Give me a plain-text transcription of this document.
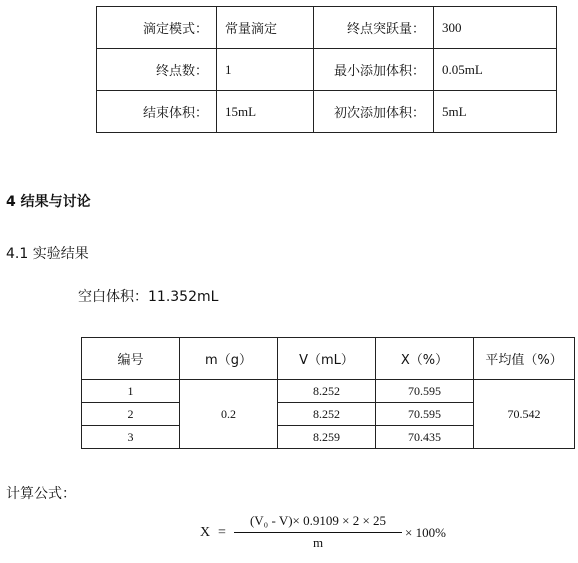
滴定模式：	常量滴定	终点突跃量：	300
终点数：	1	最小添加体积：	0.05mL
结束体积：	15mL	初次添加体积：	5mL
4 结果与讨论
4.1 实验结果
空白体积：11.352mL
编号	m（g）	V（mL）	X（%）	平均值（%）
1	0.2	8.252	70.595	70.542
2		8.252	70.595	
3		8.259	70.435	
计算公式：
X =
(V₀ - V)× 0.9109 × 2 × 25
m
× 100%
